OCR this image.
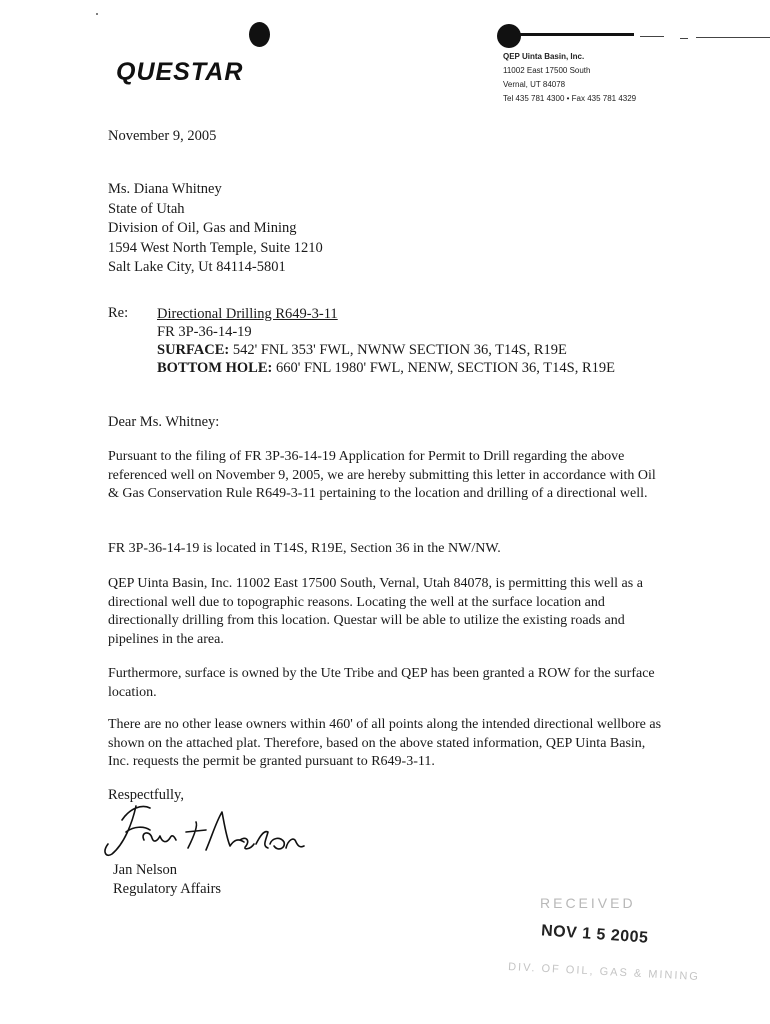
QUESTAR
QEP Uinta Basin, Inc.
11002 East 17500 South
Vernal, UT 84078
Tel 435 781 4300 • Fax 435 781 4329
November 9, 2005
Ms. Diana Whitney
State of Utah
Division of Oil, Gas and Mining
1594 West North Temple, Suite 1210
Salt Lake City, Ut 84114-5801
Re: Directional Drilling R649-3-11
FR 3P-36-14-19
SURFACE: 542' FNL 353' FWL, NWNW SECTION 36, T14S, R19E
BOTTOM HOLE: 660' FNL 1980' FWL, NENW, SECTION 36, T14S, R19E
Dear Ms. Whitney:
Pursuant to the filing of FR 3P-36-14-19 Application for Permit to Drill regarding the above referenced well on November 9, 2005, we are hereby submitting this letter in accordance with Oil & Gas Conservation Rule R649-3-11 pertaining to the location and drilling of a directional well.
FR 3P-36-14-19 is located in T14S, R19E, Section 36 in the NW/NW.
QEP Uinta Basin, Inc. 11002 East 17500 South, Vernal, Utah 84078, is permitting this well as a directional well due to topographic reasons. Locating the well at the surface location and directionally drilling from this location. Questar will be able to utilize the existing roads and pipelines in the area.
Furthermore, surface is owned by the Ute Tribe and QEP has been granted a ROW for the surface location.
There are no other lease owners within 460' of all points along the intended directional wellbore as shown on the attached plat. Therefore, based on the above stated information, QEP Uinta Basin, Inc. requests the permit be granted pursuant to R649-3-11.
Respectfully,
Jan Nelson
Regulatory Affairs
RECEIVED
NOV 1 5 2005
DIV. OF OIL, GAS & MINING
